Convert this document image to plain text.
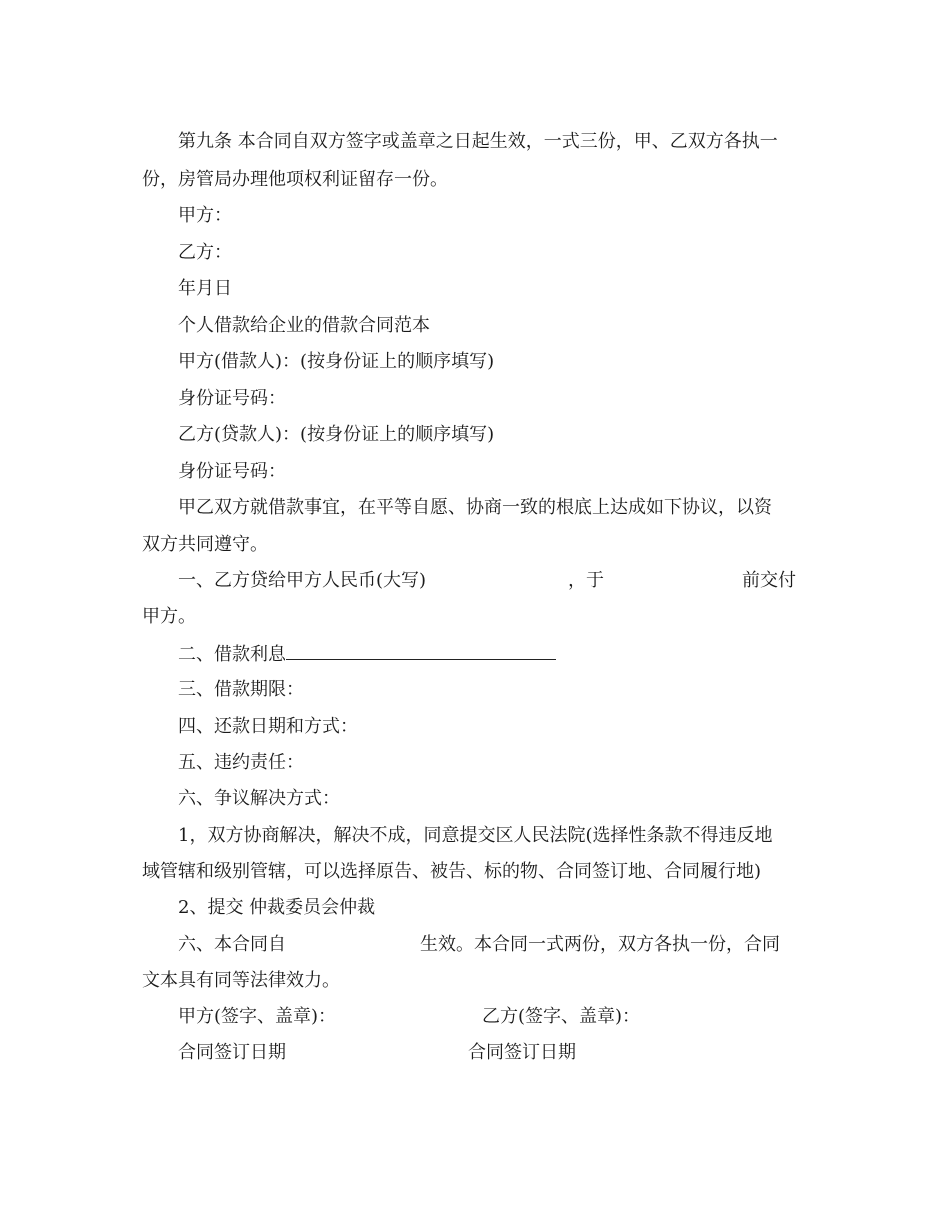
第九条 本合同自双方签字或盖章之日起生效，一式三份，甲、乙双方各执一
份，房管局办理他项权利证留存一份。
甲方：
乙方：
年月日
个人借款给企业的借款合同范本
甲方(借款人)：(按身份证上的顺序填写)
身份证号码：
乙方(贷款人)：(按身份证上的顺序填写)
身份证号码：
甲乙双方就借款事宜，在平等自愿、协商一致的根底上达成如下协议，以资
双方共同遵守。
一、乙方贷给甲方人民币(大写)	，于	前交付
甲方。
二、借款利息
三、借款期限：
四、还款日期和方式：
五、违约责任：
六、争议解决方式：
1，双方协商解决，解决不成，同意提交区人民法院(选择性条款不得违反地
域管辖和级别管辖，可以选择原告、被告、标的物、合同签订地、合同履行地)
2、提交 仲裁委员会仲裁
六、本合同自	生效。本合同一式两份，双方各执一份，合同
文本具有同等法律效力。
甲方(签字、盖章)：	乙方(签字、盖章)：
合同签订日期	合同签订日期
